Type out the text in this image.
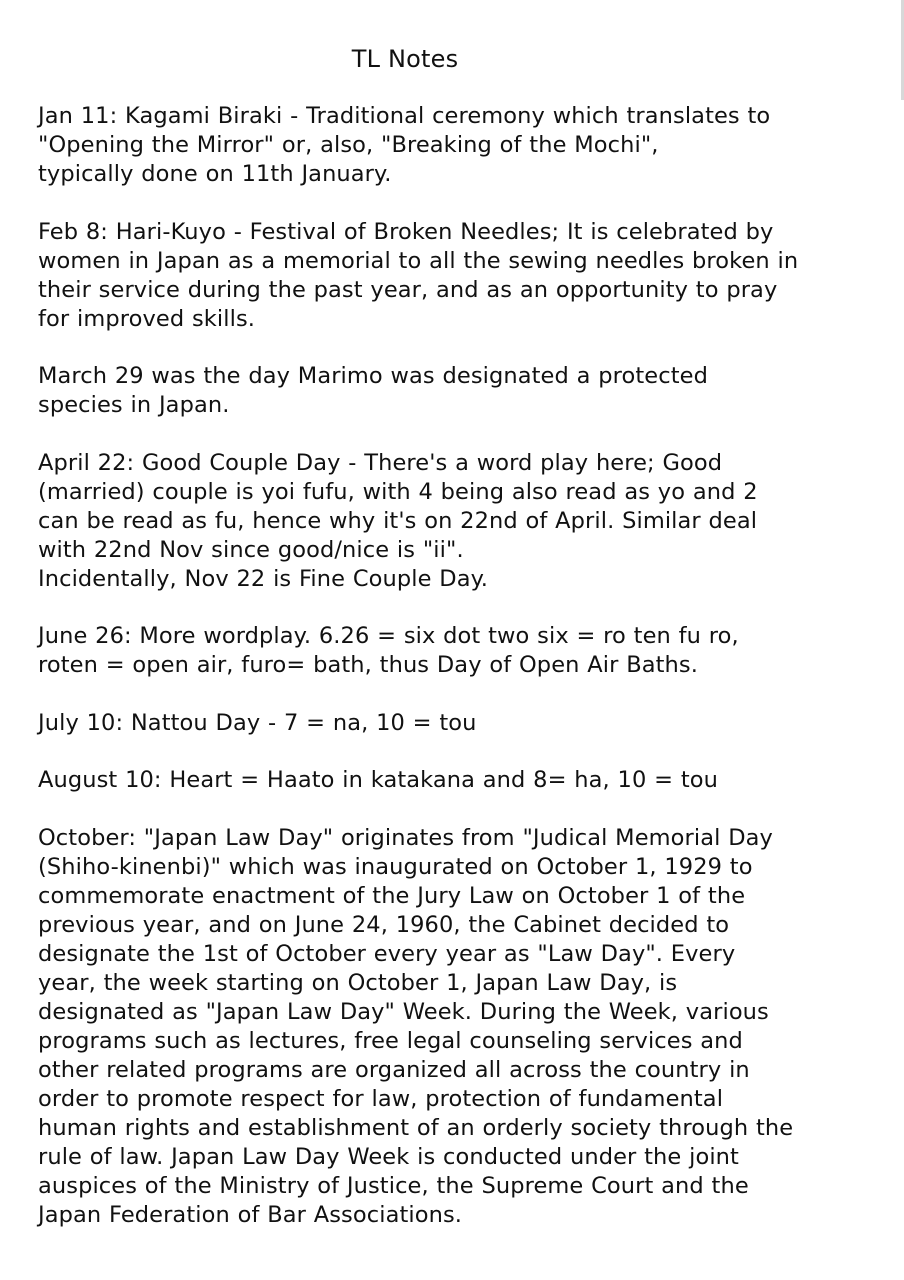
TL Notes
Jan 11: Kagami Biraki - Traditional ceremony which translates to
"Opening the Mirror" or, also, "Breaking of the Mochi",
typically done on 11th January.
Feb 8: Hari-Kuyo - Festival of Broken Needles; It is celebrated by
women in Japan as a memorial to all the sewing needles broken in
their service during the past year, and as an opportunity to pray
for improved skills.
March 29 was the day Marimo was designated a protected
species in Japan.
April 22: Good Couple Day - There's a word play here; Good
(married) couple is yoi fufu, with 4 being also read as yo and 2
can be read as fu, hence why it's on 22nd of April. Similar deal
with 22nd Nov since good/nice is "ii".
Incidentally, Nov 22 is Fine Couple Day.
June 26: More wordplay. 6.26 = six dot two six = ro ten fu ro,
roten = open air, furo= bath, thus Day of Open Air Baths.
July 10: Nattou Day - 7 = na, 10 = tou
August 10: Heart = Haato in katakana and 8= ha, 10 = tou
October: "Japan Law Day" originates from "Judical Memorial Day
(Shiho-kinenbi)" which was inaugurated on October 1, 1929 to
commemorate enactment of the Jury Law on October 1 of the
previous year, and on June 24, 1960, the Cabinet decided to
designate the 1st of October every year as "Law Day". Every
year, the week starting on October 1, Japan Law Day, is
designated as "Japan Law Day" Week. During the Week, various
programs such as lectures, free legal counseling services and
other related programs are organized all across the country in
order to promote respect for law, protection of fundamental
human rights and establishment of an orderly society through the
rule of law. Japan Law Day Week is conducted under the joint
auspices of the Ministry of Justice, the Supreme Court and the
Japan Federation of Bar Associations.
